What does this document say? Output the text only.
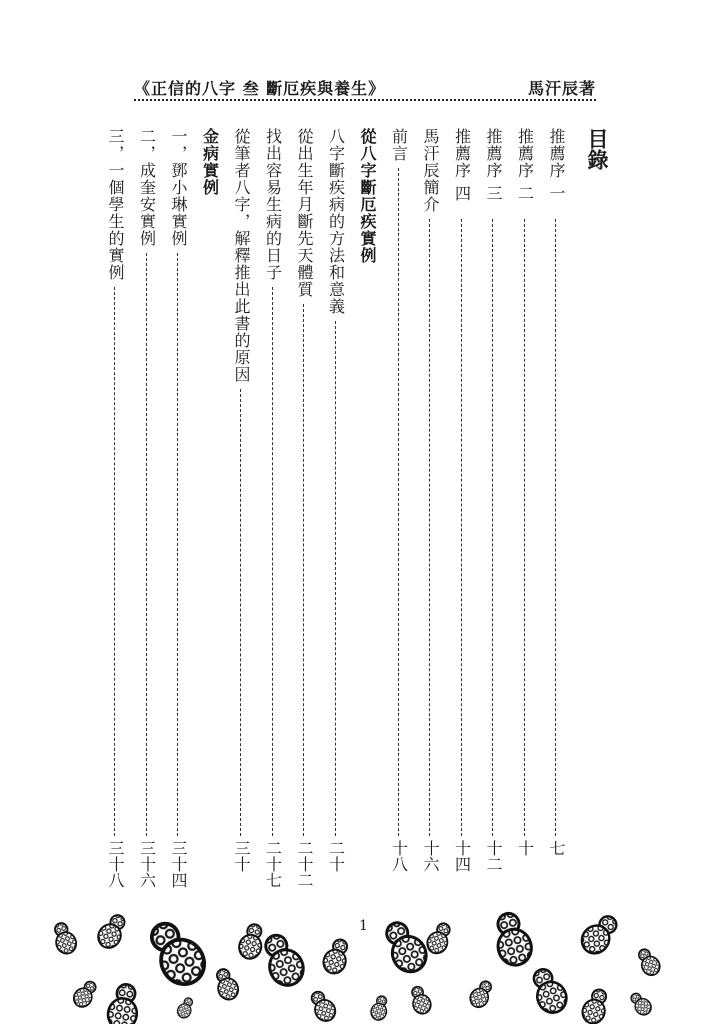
《正信的八字 叁 斷厄疾與養生》	馬汗辰著
目錄
推薦序 一
七
推薦序 二
十
推薦序 三
十二
推薦序 四
十四
馬汗辰簡介
十六
前言
十八
從八字斷厄疾實例
八字斷疾病的方法和意義
二十
從出生年月斷先天體質
二十二
找出容易生病的日子
二十七
從筆者八字，解釋推出此書的原因
三十
金病實例
一，鄧小琳實例
三十四
二，成奎安實例
三十六
三，一個學生的實例
三十八
1
